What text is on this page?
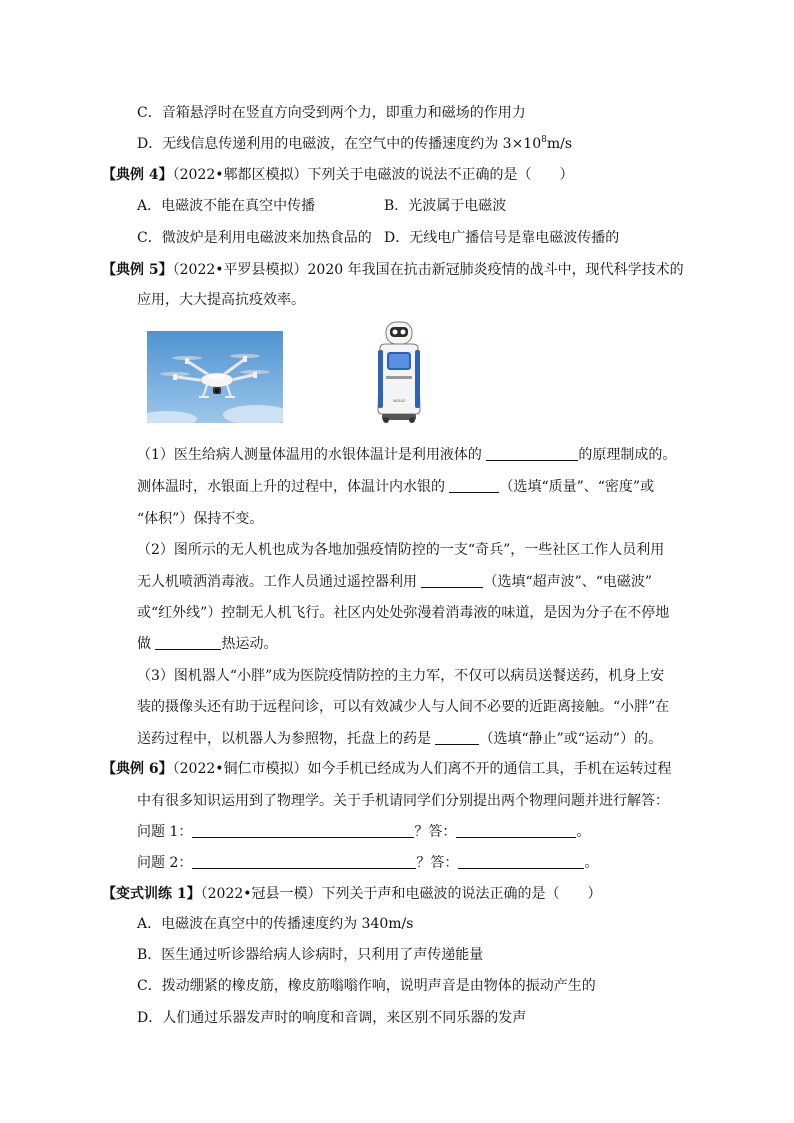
C．音箱悬浮时在竖直方向受到两个力，即重力和磁场的作用力
D．无线信息传递利用的电磁波，在空气中的传播速度约为 $3\times 10^8m/s$
【典例 4】（2022•郫都区模拟）下列关于电磁波的说法不正确的是（　　）
A．电磁波不能在真空中传播	B．光波属于电磁波
C．微波炉是利用电磁波来加热食品的 D．无线电广播信号是靠电磁波传播的
【典例 5】（2022•平罗县模拟）2020 年我国在抗击新冠肺炎疫情的战斗中，现代科学技术的
应用，大大提高抗疫效率。
NGUO
（1）医生给病人测量体温用的水银体温计是利用液体的	的原理制成的。
测体温时，水银面上升的过程中，体温计内水银的	（选填“质量”、“密度”或
“体积”）保持不变。
（2）图所示的无人机也成为各地加强疫情防控的一支“奇兵”，一些社区工作人员利用
无人机喷洒消毒液。工作人员通过遥控器利用	（选填“超声波”、“电磁波”
或“红外线”）控制无人机飞行。社区内处处弥漫着消毒液的味道，是因为分子在不停地
做	热运动。
（3）图机器人“小胖”成为医院疫情防控的主力军，不仅可以病员送餐送药，机身上安
装的摄像头还有助于远程问诊，可以有效减少人与人间不必要的近距离接触。“小胖”在
送药过程中，以机器人为参照物，托盘上的药是	（选填“静止”或“运动”）的。
【典例 6】（2022•铜仁市模拟）如今手机已经成为人们离不开的通信工具，手机在运转过程
中有很多知识运用到了物理学。关于手机请同学们分别提出两个物理问题并进行解答：
问题 1：	？答：	。
问题 2：	？答：	。
【变式训练 1】（2022•冠县一模）下列关于声和电磁波的说法正确的是（　　）
A．电磁波在真空中的传播速度约为 340m/s
B．医生通过听诊器给病人诊病时，只利用了声传递能量
C．拨动绷紧的橡皮筋，橡皮筋嗡嗡作响，说明声音是由物体的振动产生的
D．人们通过乐器发声时的响度和音调，来区别不同乐器的发声
